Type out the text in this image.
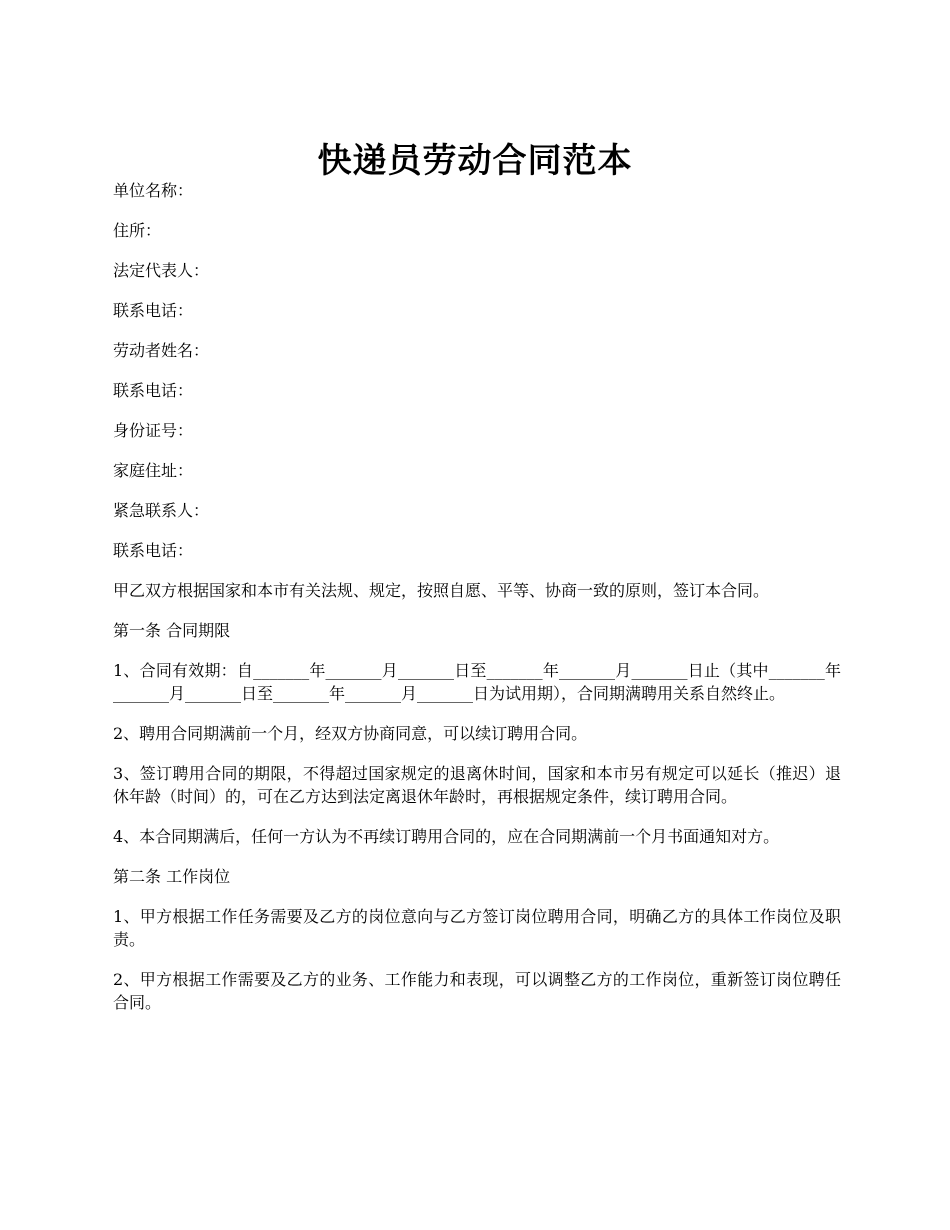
快递员劳动合同范本
单位名称：
住所：
法定代表人：
联系电话：
劳动者姓名：
联系电话：
身份证号：
家庭住址：
紧急联系人：
联系电话：

甲乙双方根据国家和本市有关法规、规定，按照自愿、平等、协商一致的原则，签订本合同。

第一条 合同期限

1、合同有效期：自_______年_______月_______日至_______年_______月_______日止（其中_______年_______月_______日至_______年_______月_______日为试用期），合同期满聘用关系自然终止。

2、聘用合同期满前一个月，经双方协商同意，可以续订聘用合同。

3、签订聘用合同的期限，不得超过国家规定的退离休时间，国家和本市另有规定可以延长（推迟）退休年龄（时间）的，可在乙方达到法定离退休年龄时，再根据规定条件，续订聘用合同。

4、本合同期满后，任何一方认为不再续订聘用合同的，应在合同期满前一个月书面通知对方。

第二条 工作岗位

1、甲方根据工作任务需要及乙方的岗位意向与乙方签订岗位聘用合同，明确乙方的具体工作岗位及职责。

2、甲方根据工作需要及乙方的业务、工作能力和表现，可以调整乙方的工作岗位，重新签订岗位聘任合同。
